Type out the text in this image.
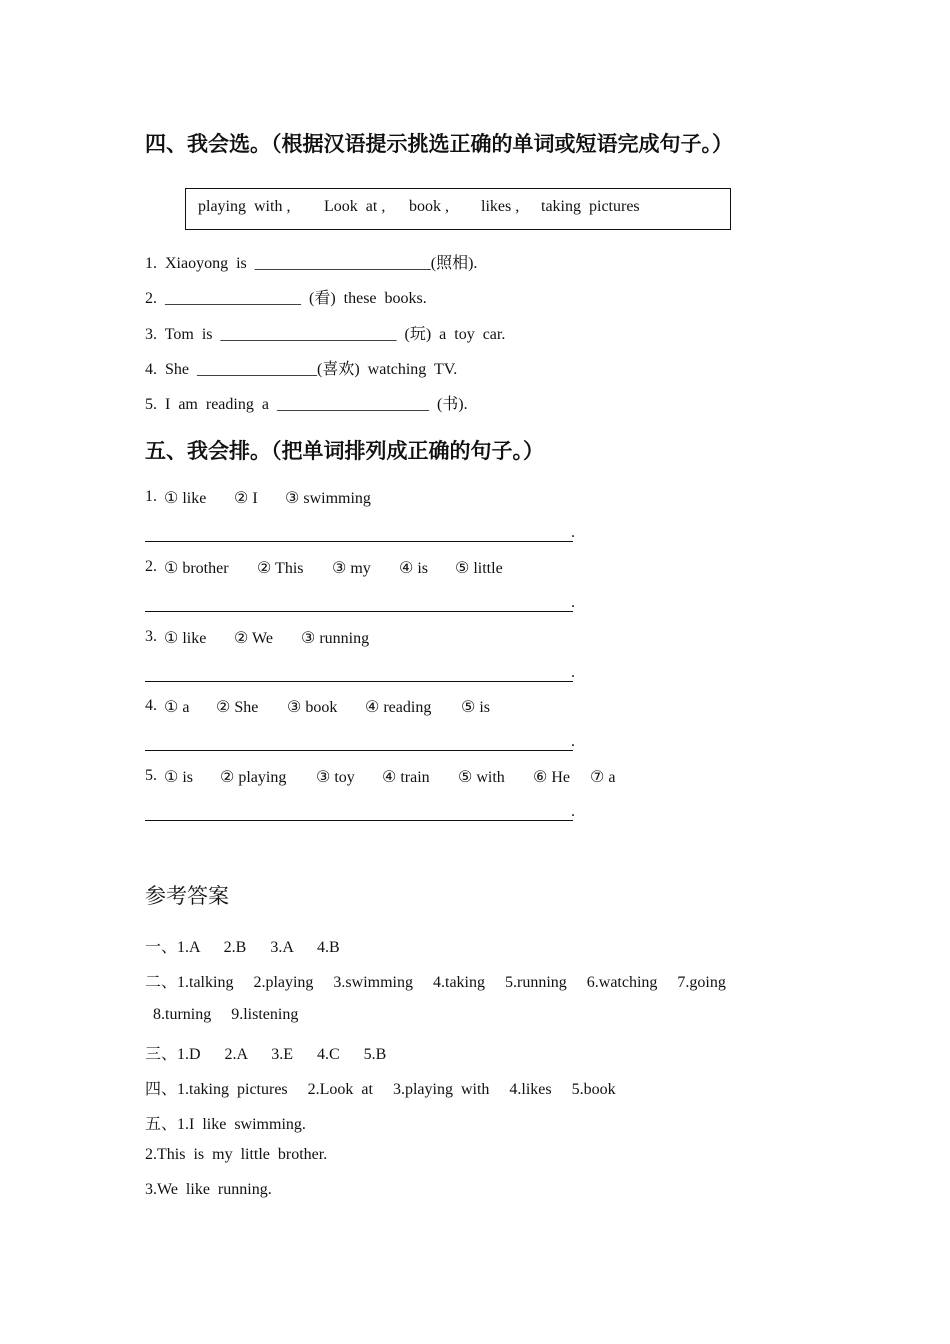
四、我会选。（根据汉语提示挑选正确的单词或短语完成句子。）
playing  with , Look  at , book , likes , taking  pictures
1.  Xiaoyong  is  ______________________(照相).
2.  _________________  (看)  these  books.
3.  Tom  is  ______________________  (玩)  a  toy  car.
4.  She  _______________(喜欢)  watching  TV.
5.  I  am  reading  a  ___________________  (书).
五、我会排。（把单词排列成正确的句子。）
1. ① like ② I ③ swimming
.
2. ① brother ② This ③ my ④ is ⑤ little
.
3. ① like ② We ③ running
.
4. ① a ② She ③ book ④ reading ⑤ is
.
5. ① is ② playing ③ toy ④ train ⑤ with ⑥ He ⑦ a
.
参考答案
一、1.A      2.B      3.A      4.B
二、1.talking     2.playing     3.swimming     4.taking     5.running     6.watching     7.going
8.turning     9.listening
三、1.D      2.A      3.E      4.C      5.B
四、1.taking  pictures     2.Look  at     3.playing  with     4.likes     5.book
五、1.I  like  swimming.
2.This  is  my  little  brother.
3.We  like  running.
